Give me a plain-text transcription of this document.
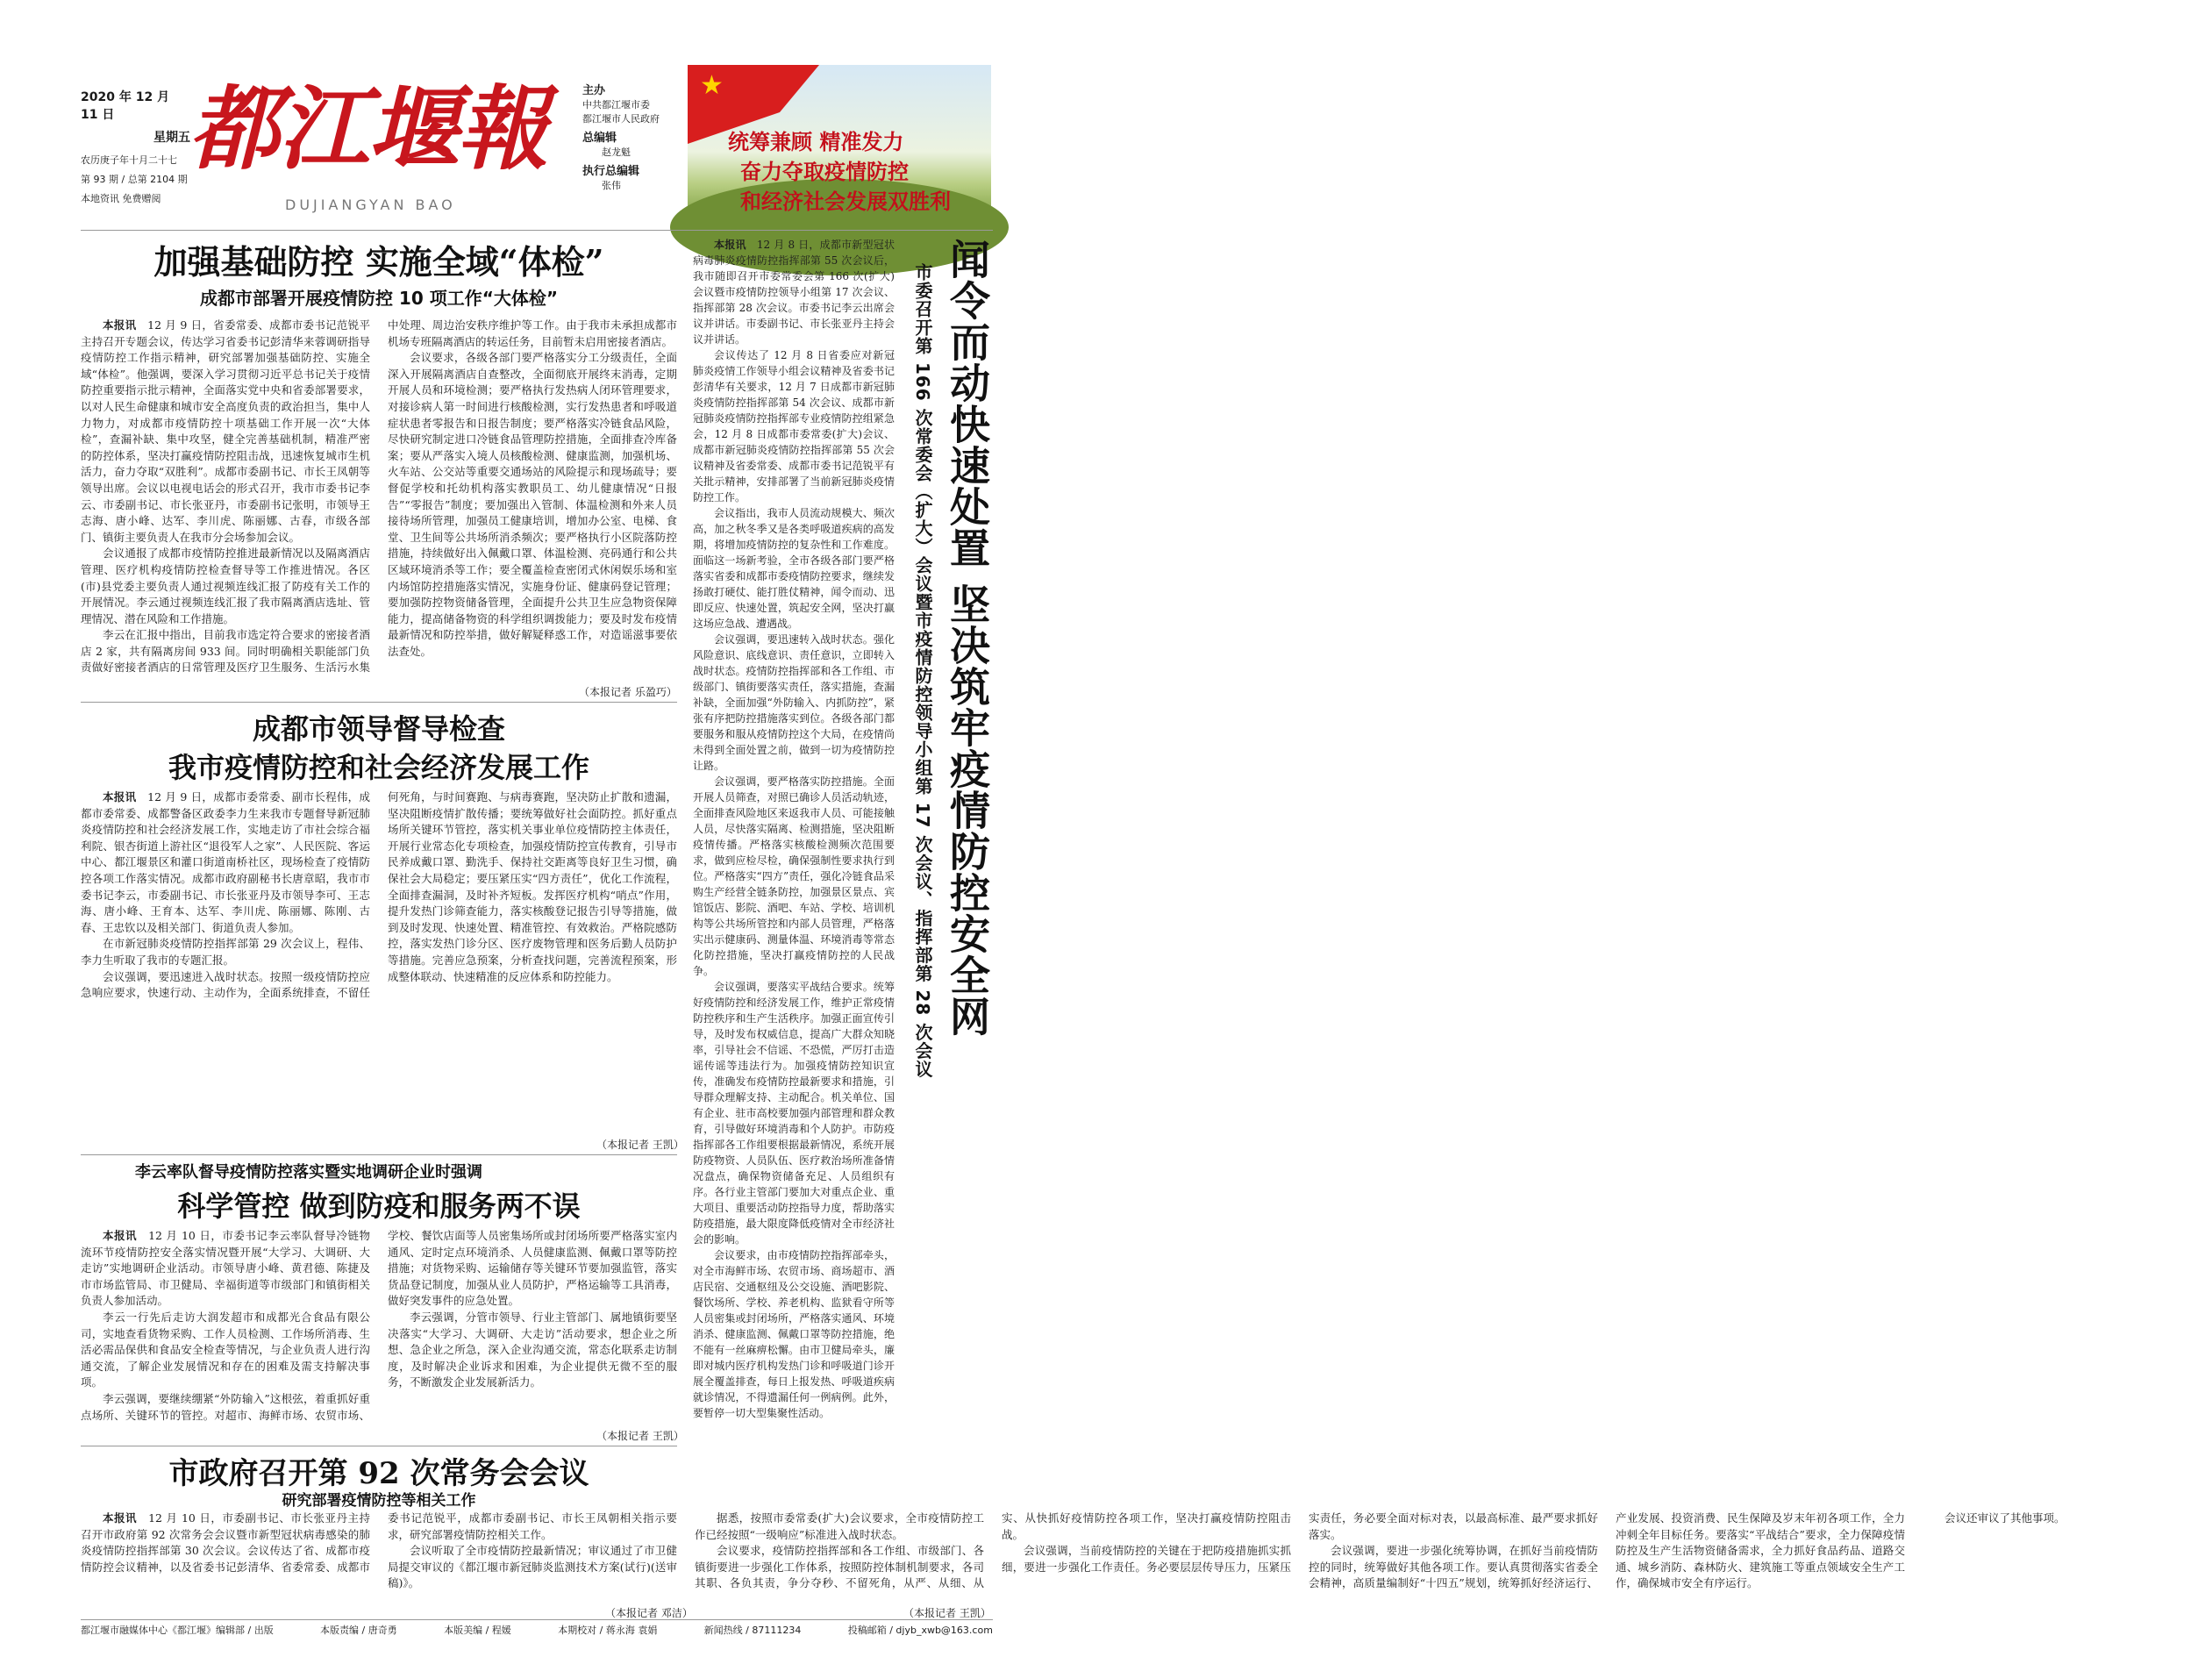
2020 年 12 月 11 日
星期五
农历庚子年十月二十七
第 93 期 / 总第 2104 期
本地资讯 免费赠阅
都江堰報
DUJIANGYAN BAO
主办
中共都江堰市委
都江堰市人民政府
总编辑
赵龙魁
执行总编辑
张伟
★
统筹兼顾 精准发力
奋力夺取疫情防控
和经济社会发展双胜利
加强基础防控 实施全域“体检”
成都市部署开展疫情防控 10 项工作“大体检”

本报讯　 12 月 9 日，省委常委、成都市委书记范锐平主持召开专题会议，传达学习省委书记彭清华来蓉调研指导疫情防控工作指示精神，研究部署加强基础防控、实施全域“体检”。他强调，要深入学习贯彻习近平总书记关于疫情防控重要指示批示精神，全面落实党中央和省委部署要求，以对人民生命健康和城市安全高度负责的政治担当，集中人力物力，对成都市疫情防控十项基础工作开展一次“大体检”，查漏补缺、集中攻坚，健全完善基础机制，精准严密的防控体系，坚决打赢疫情防控阻击战，迅速恢复城市生机活力，奋力夺取“双胜利”。成都市委副书记、市长王凤朝等领导出席。会议以电视电话会的形式召开，我市市委书记李云、市委副书记、市长张亚丹，市委副书记张明，市领导王志海、唐小峰、达军、李川虎、陈丽娜、古春，市级各部门、镇街主要负责人在我市分会场参加会议。

会议通报了成都市疫情防控推进最新情况以及隔离酒店管理、医疗机构疫情防控检查督导等工作推进情况。各区(市)县党委主要负责人通过视频连线汇报了防疫有关工作的开展情况。李云通过视频连线汇报了我市隔离酒店选址、管理情况、潜在风险和工作措施。

李云在汇报中指出，目前我市选定符合要求的密接者酒店 2 家，共有隔离房间 933 间。同时明确相关职能部门负责做好密接者酒店的日常管理及医疗卫生服务、生活污水集中处理、周边治安秩序维护等工作。由于我市未承担成都市机场专班隔离酒店的转运任务，目前暂未启用密接者酒店。

会议要求，各级各部门要严格落实分工分级责任，全面深入开展隔离酒店自查整改，全面彻底开展终末消毒，定期开展人员和环境检测；要严格执行发热病人闭环管理要求，对接诊病人第一时间进行核酸检测，实行发热患者和呼吸道症状患者零报告和日报告制度；要严格落实冷链食品风险，尽快研究制定进口冷链食品管理防控措施，全面排查冷库备案；要从严落实入境人员核酸检测、健康监测，加强机场、火车站、公交站等重要交通场站的风险提示和现场疏导；要督促学校和托幼机构落实教职员工、幼儿健康情况“日报告”“零报告”制度；要加强出入管制、体温检测和外来人员接待场所管理，加强员工健康培训，增加办公室、电梯、食堂、卫生间等公共场所消杀频次；要严格执行小区院落防控措施，持续做好出入佩戴口罩、体温检测、亮码通行和公共区域环境消杀等工作；要全覆盖检查密闭式休闲娱乐场和室内场馆防控措施落实情况，实施身份证、健康码登记管理；要加强防控物资储备管理，全面提升公共卫生应急物资保障能力，提高储备物资的科学组织调拨能力；要及时发布疫情最新情况和防控举措，做好解疑释惑工作，对造谣滋事要依法查处。

（本报记者 乐盈巧）
成都市领导督导检查
我市疫情防控和社会经济发展工作

本报讯　 12 月 9 日，成都市委常委、副市长程伟，成都市委常委、成都警备区政委李力生来我市专题督导新冠肺炎疫情防控和社会经济发展工作，实地走访了市社会综合福利院、银杏街道上游社区“退役军人之家”、人民医院、客运中心、都江堰景区和灌口街道南桥社区，现场检查了疫情防控各项工作落实情况。成都市政府副秘书长唐章昭，我市市委书记李云，市委副书记、市长张亚丹及市领导李可、王志海、唐小峰、王育本、达军、李川虎、陈丽娜、陈刚、古春、王忠钦以及相关部门、街道负责人参加。

在市新冠肺炎疫情防控指挥部第 29 次会议上，程伟、李力生听取了我市的专题汇报。

会议强调，要迅速进入战时状态。按照一级疫情防控应急响应要求，快速行动、主动作为，全面系统排查，不留任何死角，与时间赛跑、与病毒赛跑，坚决防止扩散和遗漏，坚决阻断疫情扩散传播；要统筹做好社会面防控。抓好重点场所关键环节管控，落实机关事业单位疫情防控主体责任，开展行业常态化专项检查，加强疫情防控宣传教育，引导市民养成戴口罩、勤洗手、保持社交距离等良好卫生习惯，确保社会大局稳定；要压紧压实“四方责任”，优化工作流程，全面排查漏洞，及时补齐短板。发挥医疗机构“哨点”作用，提升发热门诊筛查能力，落实核酸登记报告引导等措施，做到及时发现、快速处置、精准管控、有效救治。严格院感防控，落实发热门诊分区、医疗废物管理和医务后勤人员防护等措施。完善应急预案，分析查找问题，完善流程预案，形成整体联动、快速精准的反应体系和防控能力。

（本报记者 王凯）
李云率队督导疫情防控落实暨实地调研企业时强调
科学管控 做到防疫和服务两不误

本报讯　 12 月 10 日，市委书记李云率队督导冷链物流环节疫情防控安全落实情况暨开展“大学习、大调研、大走访”实地调研企业活动。市领导唐小峰、黄君德、陈捷及市市场监管局、市卫健局、幸福街道等市级部门和镇街相关负责人参加活动。

李云一行先后走访大润发超市和成都光合食品有限公司，实地查看货物采购、工作人员检测、工作场所消毒、生活必需品保供和食品安全检查等情况，与企业负责人进行沟通交流，了解企业发展情况和存在的困难及需支持解决事项。

李云强调，要继续绷紧“外防输入”这根弦，着重抓好重点场所、关键环节的管控。对超市、海鲜市场、农贸市场、学校、餐饮店面等人员密集场所或封闭场所要严格落实室内通风、定时定点环境消杀、人员健康监测、佩戴口罩等防控措施；对货物采购、运输储存等关键环节要加强监管，落实货品登记制度，加强从业人员防护，严格运输等工具消毒，做好突发事件的应急处置。

李云强调，分管市领导、行业主管部门、属地镇街要坚决落实“大学习、大调研、大走访”活动要求，想企业之所想、急企业之所急，深入企业沟通交流，常态化联系走访制度，及时解决企业诉求和困难，为企业提供无微不至的服务，不断激发企业发展新活力。

（本报记者 王凯）
市政府召开第 92 次常务会会议
研究部署疫情防控等相关工作

本报讯　 12 月 10 日，市委副书记、市长张亚丹主持召开市政府第 92 次常务会会议暨市新型冠状病毒感染的肺炎疫情防控指挥部第 30 次会议。会议传达了省、成都市疫情防控会议精神，以及省委书记彭清华、省委常委、成都市委书记范锐平，成都市委副书记、市长王凤朝相关指示要求，研究部署疫情防控相关工作。

会议听取了全市疫情防控最新情况；审议通过了市卫健局提交审议的《都江堰市新冠肺炎监测技术方案(试行)(送审稿)》。

据悉，按照市委常委(扩大)会议要求，全市疫情防控工作已经按照“一级响应”标准进入战时状态。

会议要求，疫情防控指挥部和各工作组、市级部门、各镇街要进一步强化工作体系，按照防控体制机制要求，各司其职、各负其责，争分夺秒、不留死角，从严、从细、从实、从快抓好疫情防控各项工作，坚决打赢疫情防控阻击战。

会议强调，当前疫情防控的关键在于把防疫措施抓实抓细，要进一步强化工作责任。务必要层层传导压力，压紧压实责任，务必要全面对标对表，以最高标准、最严要求抓好落实。

会议强调，要进一步强化统筹协调，在抓好当前疫情防控的同时，统筹做好其他各项工作。要认真贯彻落实省委全会精神，高质量编制好“十四五”规划，统筹抓好经济运行、产业发展、投资消费、民生保障及岁末年初各项工作，全力冲刺全年目标任务。要落实“平战结合”要求，全力保障疫情防控及生产生活物资储备需求，全力抓好食品药品、道路交通、城乡消防、森林防火、建筑施工等重点领域安全生产工作，确保城市安全有序运行。

会议还审议了其他事项。

（本报记者 邓洁）

本报讯　 12 月 8 日，成都市新型冠状病毒肺炎疫情防控指挥部第 55 次会议后，我市随即召开市委常委会第 166 次(扩大)会议暨市疫情防控领导小组第 17 次会议、指挥部第 28 次会议。市委书记李云出席会议并讲话。市委副书记、市长张亚丹主持会议并讲话。

会议传达了 12 月 8 日省委应对新冠肺炎疫情工作领导小组会议精神及省委书记彭清华有关要求，12 月 7 日成都市新冠肺炎疫情防控指挥部第 54 次会议、成都市新冠肺炎疫情防控指挥部专业疫情防控组紧急会，12 月 8 日成都市委常委(扩大)会议、成都市新冠肺炎疫情防控指挥部第 55 次会议精神及省委常委、成都市委书记范锐平有关批示精神，安排部署了当前新冠肺炎疫情防控工作。

会议指出，我市人员流动规模大、频次高，加之秋冬季又是各类呼吸道疾病的高发期，将增加疫情防控的复杂性和工作难度。面临这一场新考验，全市各级各部门要严格落实省委和成都市委疫情防控要求，继续发扬敢打硬仗、能打胜仗精神，闻令而动、迅即反应、快速处置，筑起安全网，坚决打赢这场应急战、遭遇战。

会议强调，要迅速转入战时状态。强化风险意识、底线意识、责任意识，立即转入战时状态。疫情防控指挥部和各工作组、市级部门、镇街要落实责任，落实措施，查漏补缺，全面加强“外防输入、内抓防控”，紧张有序把防控措施落实到位。各级各部门都要服务和服从疫情防控这个大局，在疫情尚未得到全面处置之前，做到一切为疫情防控让路。

会议强调，要严格落实防控措施。全面开展人员筛查，对照已确诊人员活动轨迹，全面排查风险地区来返我市人员、可能接触人员，尽快落实隔离、检测措施，坚决阻断疫情传播。严格落实核酸检测频次范围要求，做到应检尽检，确保强制性要求执行到位。严格落实“四方”责任，强化冷链食品采购生产经营全链条防控，加强景区景点、宾馆饭店、影院、酒吧、车站、学校、培训机构等公共场所管控和内部人员管理，严格落实出示健康码、测量体温、环境消毒等常态化防控措施，坚决打赢疫情防控的人民战争。

会议强调，要落实平战结合要求。统筹好疫情防控和经济发展工作，维护正常疫情防控秩序和生产生活秩序。加强正面宣传引导，及时发布权威信息，提高广大群众知晓率，引导社会不信谣、不恐慌，严厉打击造谣传谣等违法行为。加强疫情防控知识宣传，准确发布疫情防控最新要求和措施，引导群众理解支持、主动配合。机关单位、国有企业、驻市高校要加强内部管理和群众教育，引导做好环境消毒和个人防护。市防疫指挥部各工作组要根据最新情况，系统开展防疫物资、人员队伍、医疗救治场所准备情况盘点，确保物资储备充足、人员组织有序。各行业主管部门要加大对重点企业、重大项目、重要活动防控指导力度，帮助落实防疫措施，最大限度降低疫情对全市经济社会的影响。

会议要求，由市疫情防控指挥部牵头，对全市海鲜市场、农贸市场、商场超市、酒店民宿、交通枢纽及公交设施、酒吧影院、餐饮场所、学校、养老机构、监狱看守所等人员密集或封闭场所，严格落实通风、环境消杀、健康监测、佩戴口罩等防控措施，绝不能有一丝麻痹松懈。由市卫健局牵头，廉即对城内医疗机构发热门诊和呼吸道门诊开展全覆盖排查，每日上报发热、呼吸道疾病就诊情况，不得遗漏任何一例病例。此外，要暂停一切大型集聚性活动。

闻令而动快速处置 坚决筑牢疫情防控安全网
市委召开第 166 次常委会（扩大）会议暨市疫情防控领导小组第 17 次会议、指挥部第 28 次会议
（本报记者 王凯）
都江堰市融媒体中心《都江堰》编辑部 / 出版	本版责编 / 唐奇勇	本版美编 / 程媛	本期校对 / 蒋永海 袁娟	新闻热线 / 87111234	投稿邮箱 / djyb_xwb@163.com
